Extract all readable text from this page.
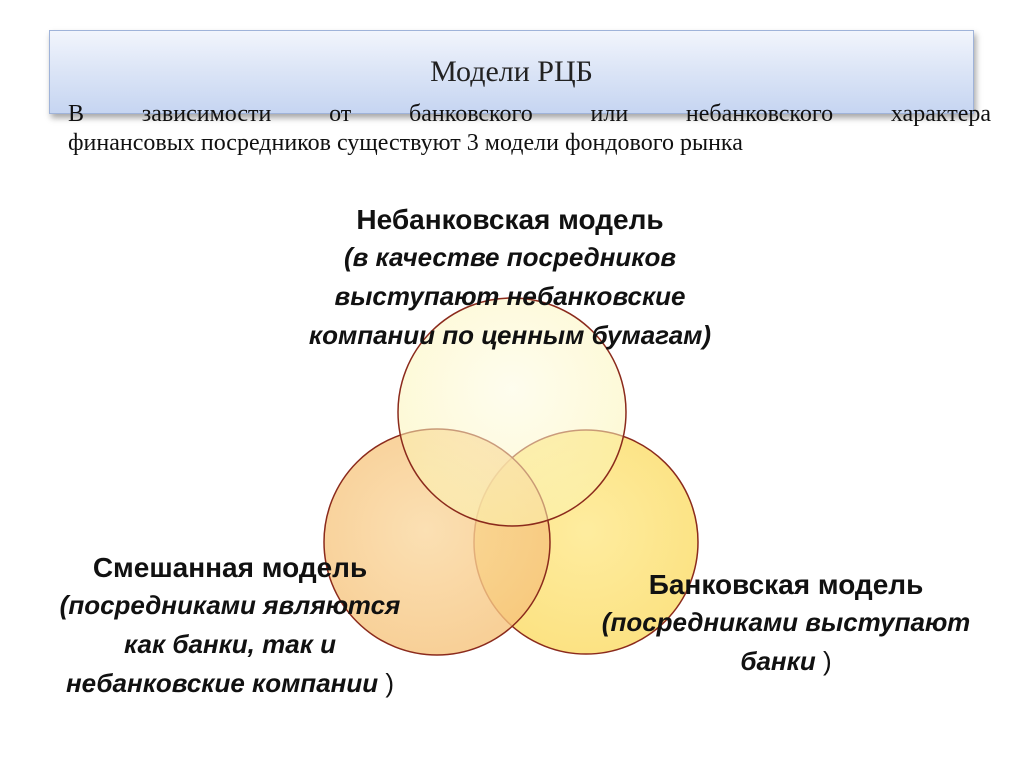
Модели РЦБ
В зависимости от банковского или небанковского характера
финансовых посредников существуют 3 модели фондового рынка
Небанковская модель
(в качестве посредников
выступают небанковские
компании по ценным бумагам)
Смешанная модель
(посредниками являются
как банки, так и
небанковские компании )
Банковская модель
(посредниками выступают
банки )
